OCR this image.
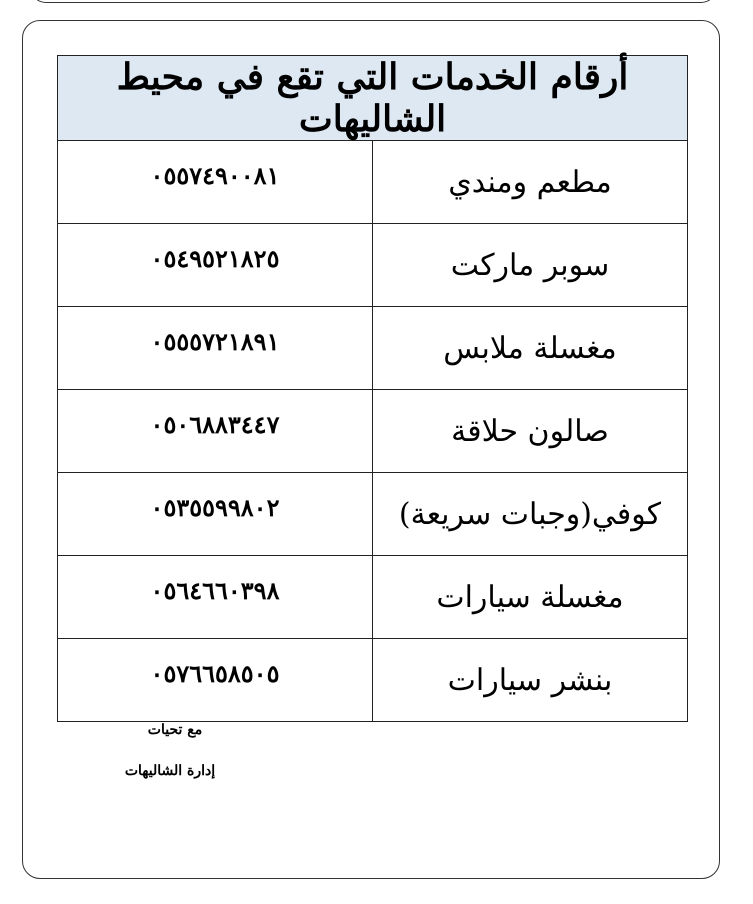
أرقام الخدمات التي تقع في محيط الشاليهات	
مطعم ومندي	٠٥٥٧٤٩٠٠٨١
سوبر ماركت	٠٥٤٩٥٢١٨٢٥
مغسلة ملابس	٠٥٥٥٧٢١٨٩١
صالون حلاقة	٠٥٠٦٨٨٣٤٤٧
كوفي(وجبات سريعة)	٠٥٣٥٥٩٩٨٠٢
مغسلة سيارات	٠٥٦٤٦٦٠٣٩٨
بنشر سيارات	٠٥٧٦٦٥٨٥٠٥
مع تحيات
إدارة الشاليهات
